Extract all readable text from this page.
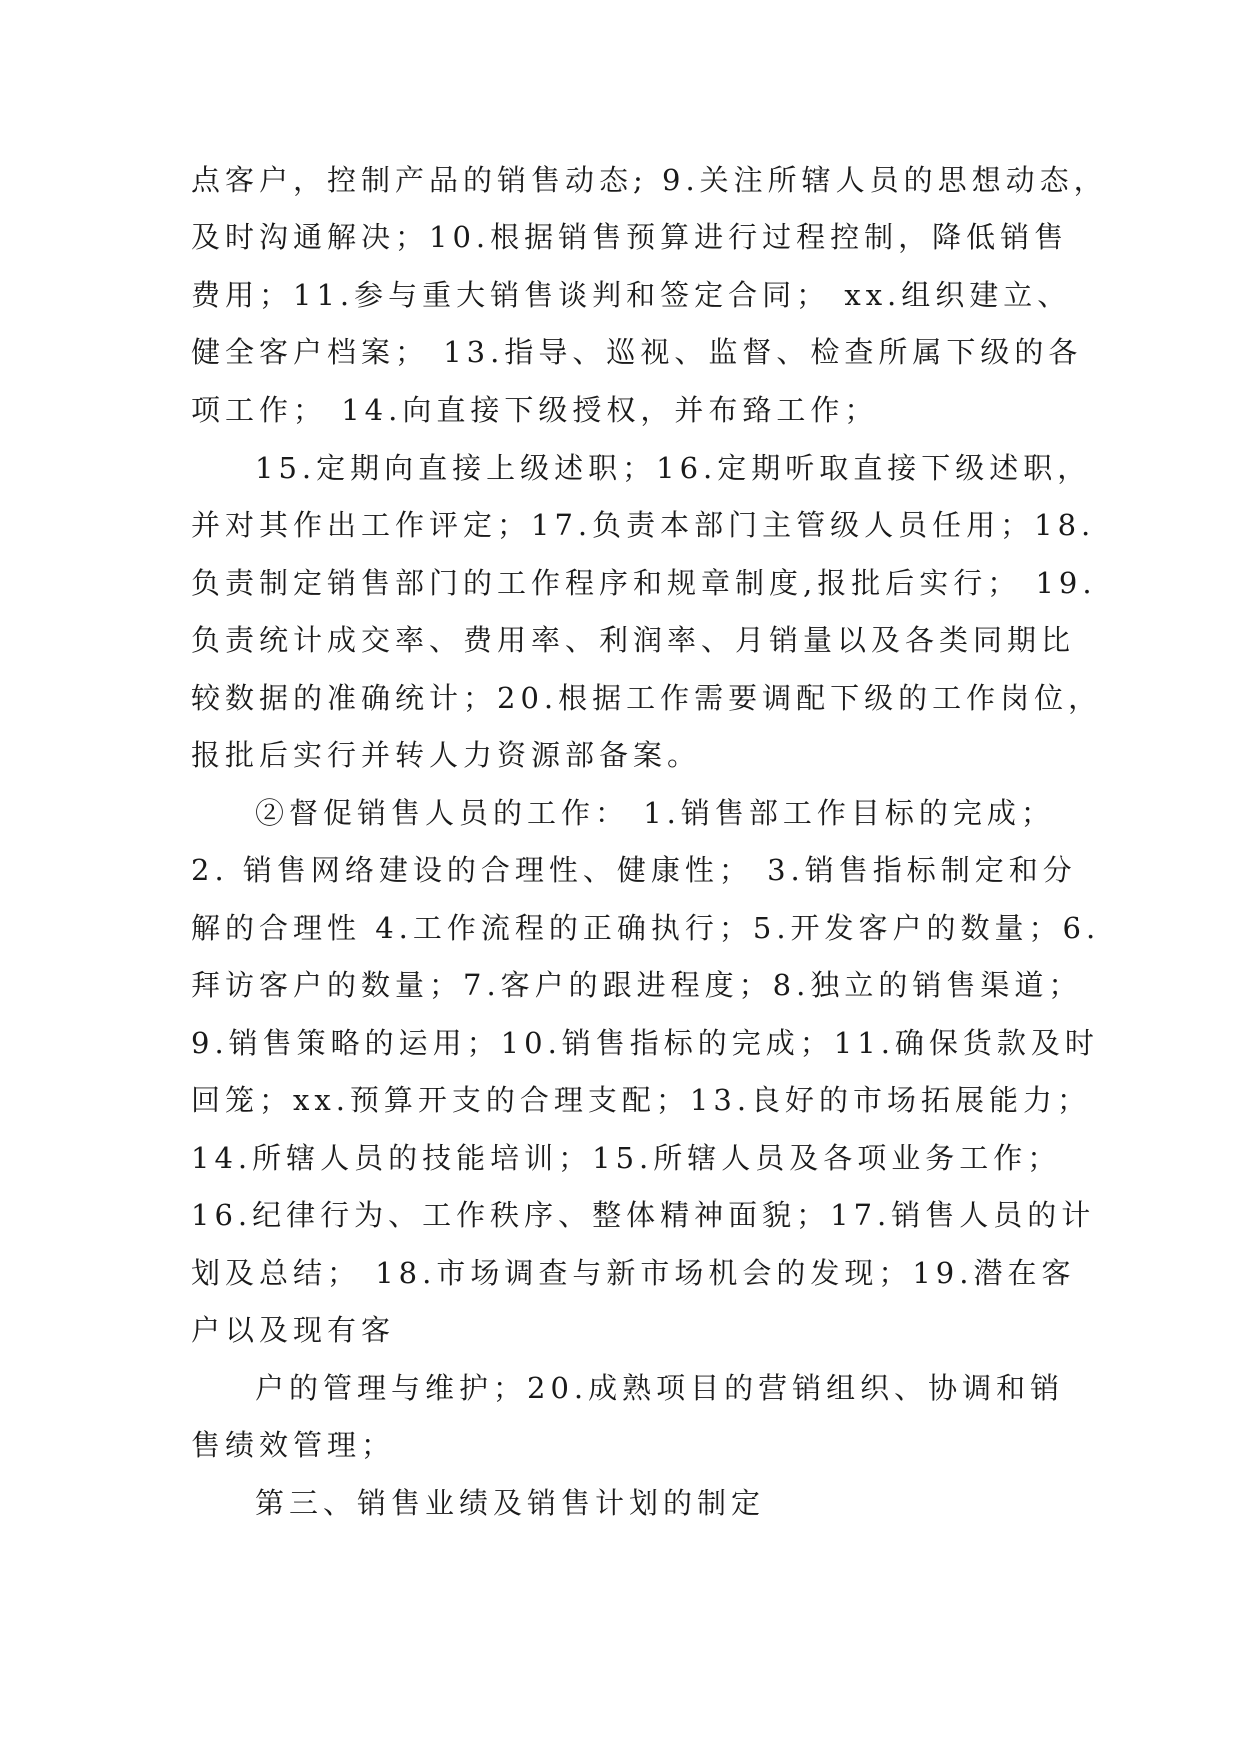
点客户，控制产品的销售动态; 9.关注所辖人员的思想动态，
及时沟通解决；10.根据销售预算进行过程控制，降低销售
费用；11.参与重大销售谈判和签定合同； xx.组织建立、
健全客户档案； 13.指导、巡视、监督、检查所属下级的各
项工作； 14.向直接下级授权，并布臵工作；
15.定期向直接上级述职；16.定期听取直接下级述职，
并对其作出工作评定；17.负责本部门主管级人员任用；18.
负责制定销售部门的工作程序和规章制度,报批后实行； 19.
负责统计成交率、费用率、利润率、月销量以及各类同期比
较数据的准确统计；20.根据工作需要调配下级的工作岗位，
报批后实行并转人力资源部备案。
②督促销售人员的工作： 1.销售部工作目标的完成；
2. 销售网络建设的合理性、健康性； 3.销售指标制定和分
解的合理性 4.工作流程的正确执行；5.开发客户的数量；6.
拜访客户的数量；7.客户的跟进程度；8.独立的销售渠道；
9.销售策略的运用；10.销售指标的完成；11.确保货款及时
回笼；xx.预算开支的合理支配；13.良好的市场拓展能力；
14.所辖人员的技能培训；15.所辖人员及各项业务工作；
16.纪律行为、工作秩序、整体精神面貌；17.销售人员的计
划及总结； 18.市场调查与新市场机会的发现；19.潜在客
户以及现有客
户的管理与维护；20.成熟项目的营销组织、协调和销
售绩效管理；
第三、销售业绩及销售计划的制定
